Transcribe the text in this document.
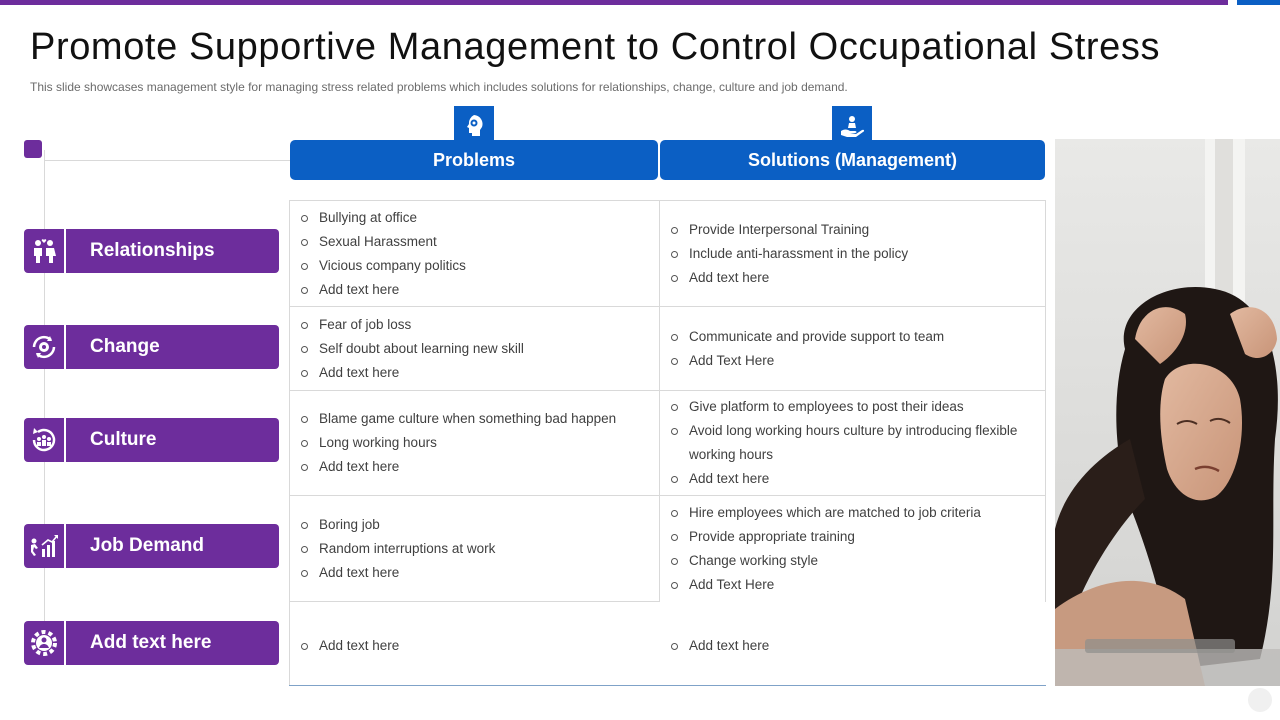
Promote Supportive Management to Control Occupational Stress
This slide showcases management style for managing stress related problems which includes solutions for relationships, change, culture and job demand.
Relationships
Change
Culture
Job Demand
Add text here
Problems	Solutions (Management)
Bullying at office
Sexual Harassment
Vicious company politics
Add text here
Provide Interpersonal Training
Include anti-harassment in the policy
Add text here
Fear of job loss
Self doubt about learning new skill
Add text here
Communicate and provide support to team
Add Text Here
Blame game culture when something bad happen
Long working hours
Add text here
Give platform to employees to post their ideas
Avoid long working hours culture by introducing flexible working hours
Add text here
Boring job
Random interruptions at work
Add text here
Hire employees which are matched to job criteria
Provide appropriate training
Change working style
Add Text Here
Add text here	Add text here
